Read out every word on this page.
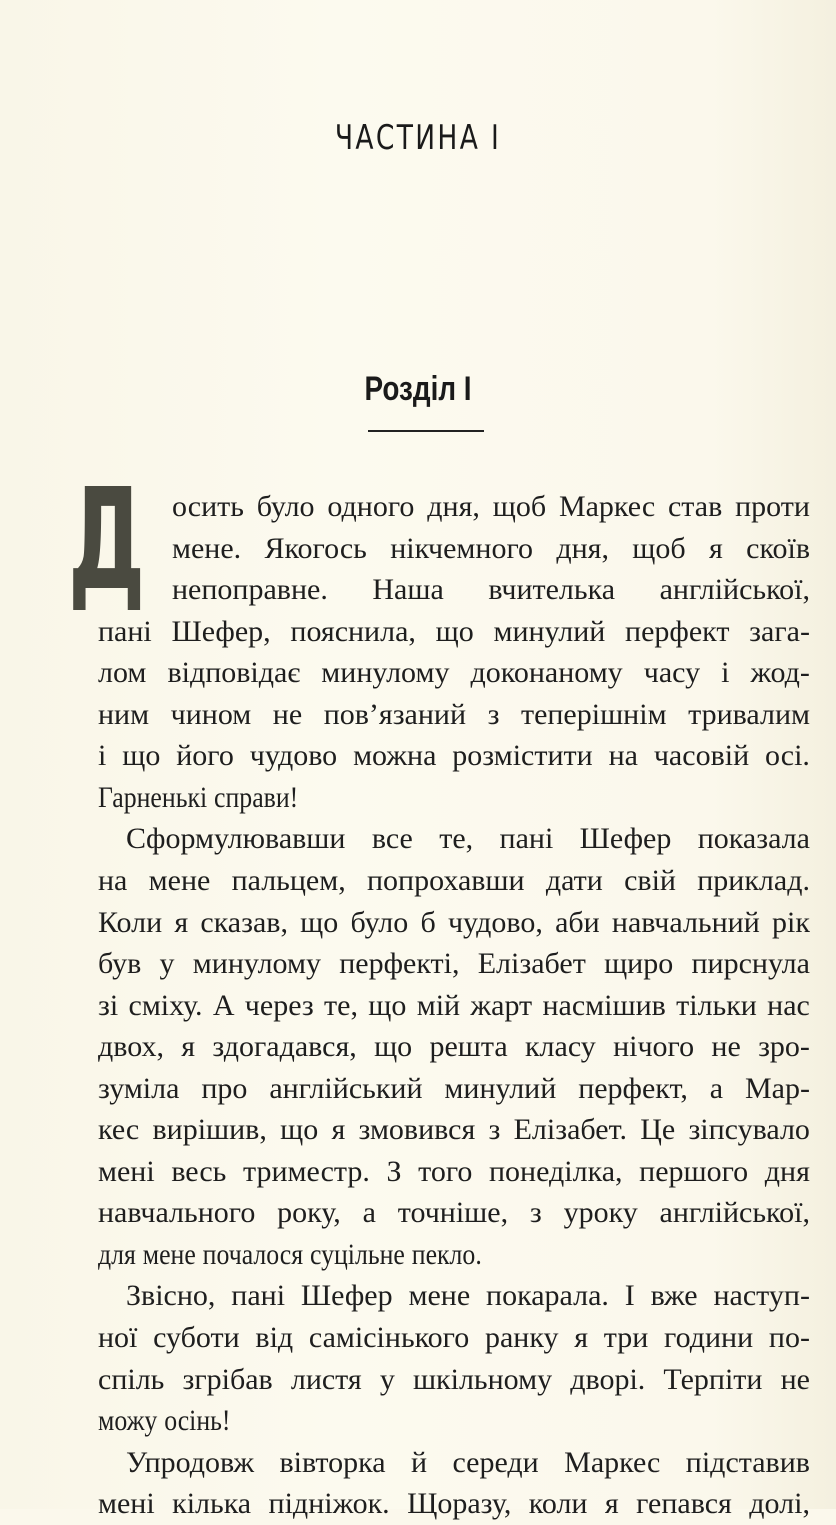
ЧАСТИНА I
Розділ I
Д осить було одного дня, щоб Маркес став проти
мене. Якогось нікчемного дня, щоб я скоїв
непоправне. Наша вчителька англійської,
пані Шефер, пояснила, що минулий перфект зага-
лом відповідає минулому доконаному часу і жод-
ним чином не пов’язаний з теперішнім тривалим
і що його чудово можна розмістити на часовій осі.
Гарненькі справи!
Сформулювавши все те, пані Шефер показала
на мене пальцем, попрохавши дати свій приклад.
Коли я сказав, що було б чудово, аби навчальний рік
був у минулому перфекті, Елізабет щиро пирснула
зі сміху. А через те, що мій жарт насмішив тільки нас
двох, я здогадався, що решта класу нічого не зро-
зуміла про англійський минулий перфект, а Мар-
кес вирішив, що я змовився з Елізабет. Це зіпсувало
мені весь триместр. З того понеділка, першого дня
навчального року, а точніше, з уроку англійської,
для мене почалося суцільне пекло.
Звісно, пані Шефер мене покарала. І вже наступ-
ної суботи від самісінького ранку я три години по-
спіль згрібав листя у шкільному дворі. Терпіти не
можу осінь!
Упродовж вівторка й середи Маркес підставив
мені кілька підніжок. Щоразу, коли я гепався долі,
